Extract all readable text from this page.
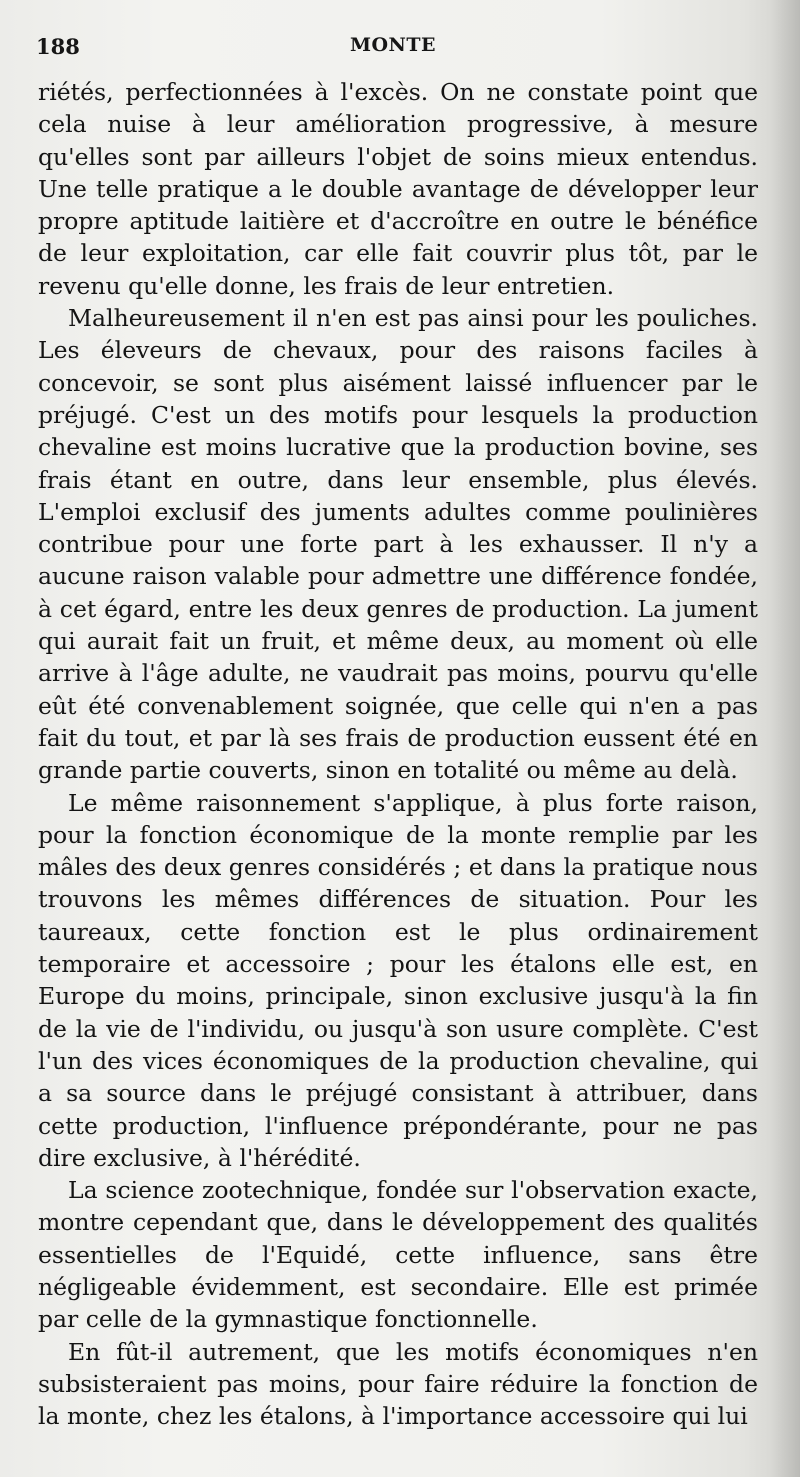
188	MONTE

riétés, perfectionnées à l'excès. On ne constate point que cela nuise à leur amélioration progressive, à mesure qu'elles sont par ailleurs l'objet de soins mieux entendus. Une telle pratique a le double avantage de développer leur propre aptitude laitière et d'accroître en outre le bénéfice de leur exploitation, car elle fait couvrir plus tôt, par le revenu qu'elle donne, les frais de leur entretien.

Malheureusement il n'en est pas ainsi pour les pouliches. Les éleveurs de chevaux, pour des raisons faciles à concevoir, se sont plus aisément laissé influencer par le préjugé. C'est un des motifs pour lesquels la production chevaline est moins lucrative que la production bovine, ses frais étant en outre, dans leur ensemble, plus élevés. L'emploi exclusif des juments adultes comme poulinières contribue pour une forte part à les exhausser. Il n'y a aucune raison valable pour admettre une différence fondée, à cet égard, entre les deux genres de production. La jument qui aurait fait un fruit, et même deux, au moment où elle arrive à l'âge adulte, ne vaudrait pas moins, pourvu qu'elle eût été convenablement soignée, que celle qui n'en a pas fait du tout, et par là ses frais de production eussent été en grande partie couverts, sinon en totalité ou même au delà.

Le même raisonnement s'applique, à plus forte raison, pour la fonction économique de la monte remplie par les mâles des deux genres considérés ; et dans la pratique nous trouvons les mêmes différences de situation. Pour les taureaux, cette fonction est le plus ordinairement temporaire et accessoire ; pour les étalons elle est, en Europe du moins, principale, sinon exclusive jusqu'à la fin de la vie de l'individu, ou jusqu'à son usure complète. C'est l'un des vices économiques de la production chevaline, qui a sa source dans le préjugé consistant à attribuer, dans cette production, l'influence prépondérante, pour ne pas dire exclusive, à l'hérédité.

La science zootechnique, fondée sur l'observation exacte, montre cependant que, dans le développement des qualités essentielles de l'Equidé, cette influence, sans être négligeable évidemment, est secondaire. Elle est primée par celle de la gymnastique fonctionnelle.

En fût-il autrement, que les motifs économiques n'en subsisteraient pas moins, pour faire réduire la fonction de la monte, chez les étalons, à l'importance accessoire qui lui
